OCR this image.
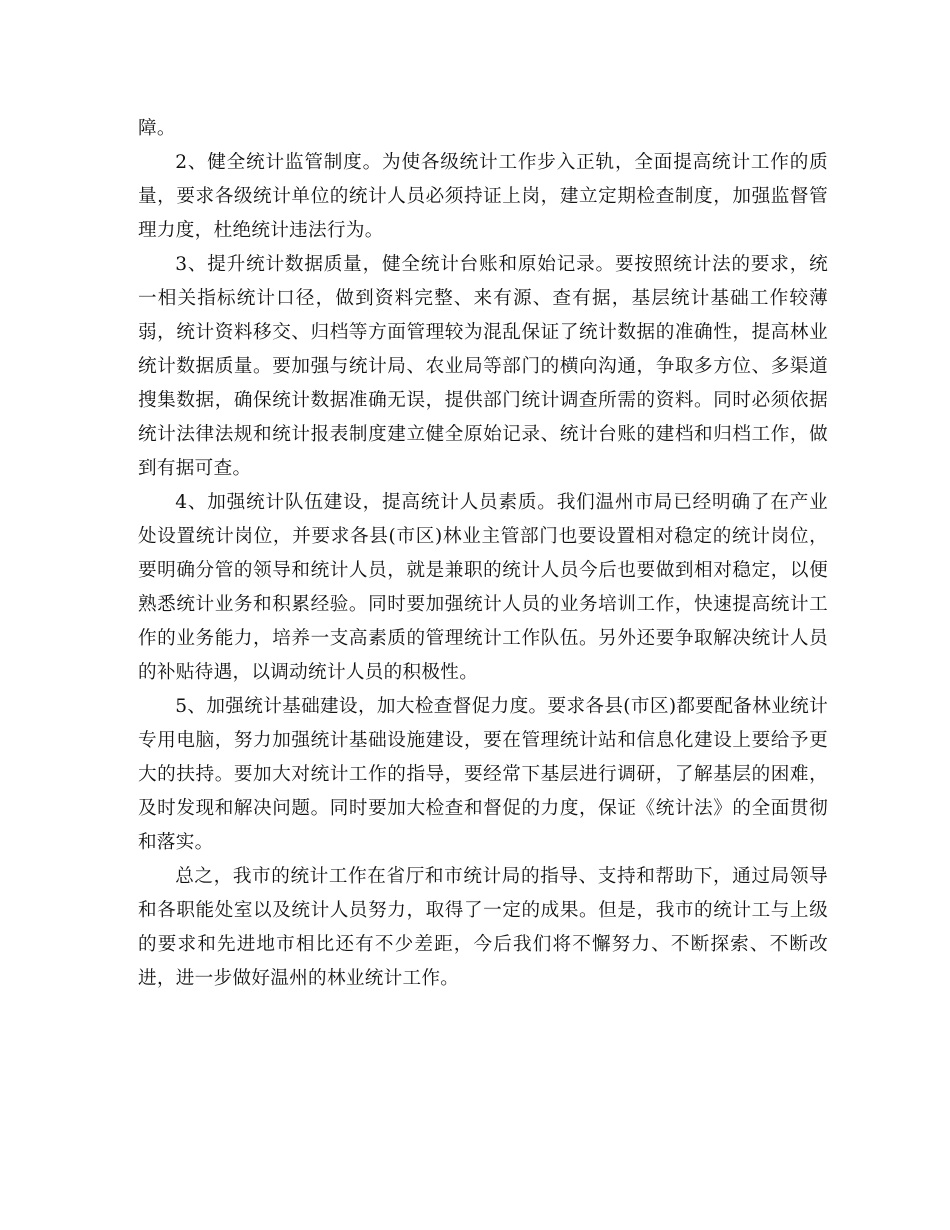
障。

2、健全统计监管制度。为使各级统计工作步入正轨，全面提高统计工作的质量，要求各级统计单位的统计人员必须持证上岗，建立定期检查制度，加强监督管理力度，杜绝统计违法行为。

3、提升统计数据质量，健全统计台账和原始记录。要按照统计法的要求，统一相关指标统计口径，做到资料完整、来有源、查有据，基层统计基础工作较薄弱，统计资料移交、归档等方面管理较为混乱保证了统计数据的准确性，提高林业统计数据质量。要加强与统计局、农业局等部门的横向沟通，争取多方位、多渠道搜集数据，确保统计数据准确无误，提供部门统计调查所需的资料。同时必须依据统计法律法规和统计报表制度建立健全原始记录、统计台账的建档和归档工作，做到有据可查。

4、加强统计队伍建设，提高统计人员素质。我们温州市局已经明确了在产业处设置统计岗位，并要求各县(市区)林业主管部门也要设置相对稳定的统计岗位，要明确分管的领导和统计人员，就是兼职的统计人员今后也要做到相对稳定，以便熟悉统计业务和积累经验。同时要加强统计人员的业务培训工作，快速提高统计工作的业务能力，培养一支高素质的管理统计工作队伍。另外还要争取解决统计人员的补贴待遇，以调动统计人员的积极性。

5、加强统计基础建设，加大检查督促力度。要求各县(市区)都要配备林业统计专用电脑，努力加强统计基础设施建设，要在管理统计站和信息化建设上要给予更大的扶持。要加大对统计工作的指导，要经常下基层进行调研，了解基层的困难，及时发现和解决问题。同时要加大检查和督促的力度，保证《统计法》的全面贯彻和落实。

总之，我市的统计工作在省厅和市统计局的指导、支持和帮助下，通过局领导和各职能处室以及统计人员努力，取得了一定的成果。但是，我市的统计工与上级的要求和先进地市相比还有不少差距，今后我们将不懈努力、不断探索、不断改进，进一步做好温州的林业统计工作。
